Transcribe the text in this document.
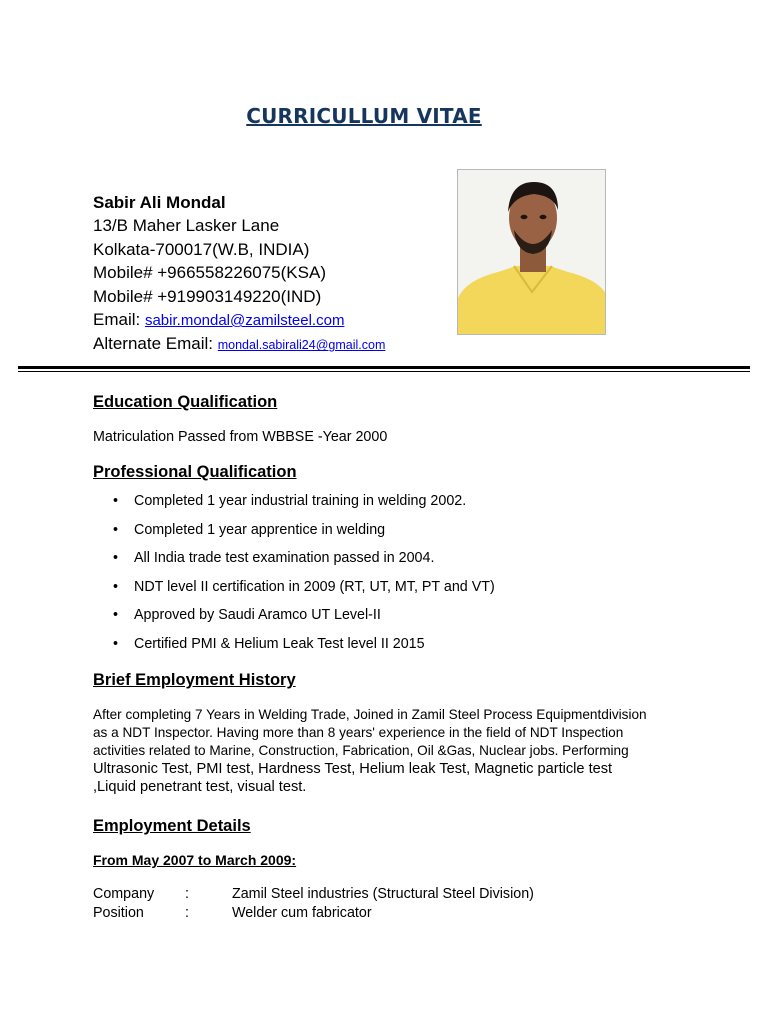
CURRICULLUM VITAE
Sabir Ali Mondal
13/B Maher Lasker Lane
Kolkata-700017(W.B, INDIA)
Mobile# +966558226075(KSA)
Mobile# +919903149220(IND)
Email: sabir.mondal@zamilsteel.com
Alternate Email: mondal.sabirali24@gmail.com
Education Qualification
Matriculation Passed from WBBSE -Year 2000
Professional Qualification
• Completed 1 year industrial training in welding 2002.
• Completed 1 year apprentice in welding
• All India trade test examination passed in 2004.
• NDT level II certification in 2009 (RT, UT, MT, PT and VT)
• Approved by Saudi Aramco UT Level-II
• Certified PMI & Helium Leak Test level II 2015
Brief Employment History
After completing 7 Years in Welding Trade, Joined in Zamil Steel Process Equipmentdivision
as a NDT Inspector. Having more than 8 years' experience in the field of NDT Inspection
activities related to Marine, Construction, Fabrication, Oil &Gas, Nuclear jobs. Performing
Ultrasonic Test, PMI test, Hardness Test, Helium leak Test, Magnetic particle test
,Liquid penetrant test, visual test.
Employment Details
From May 2007 to March 2009:
Company	:	Zamil Steel industries (Structural Steel Division)
Position	:	Welder cum fabricator
